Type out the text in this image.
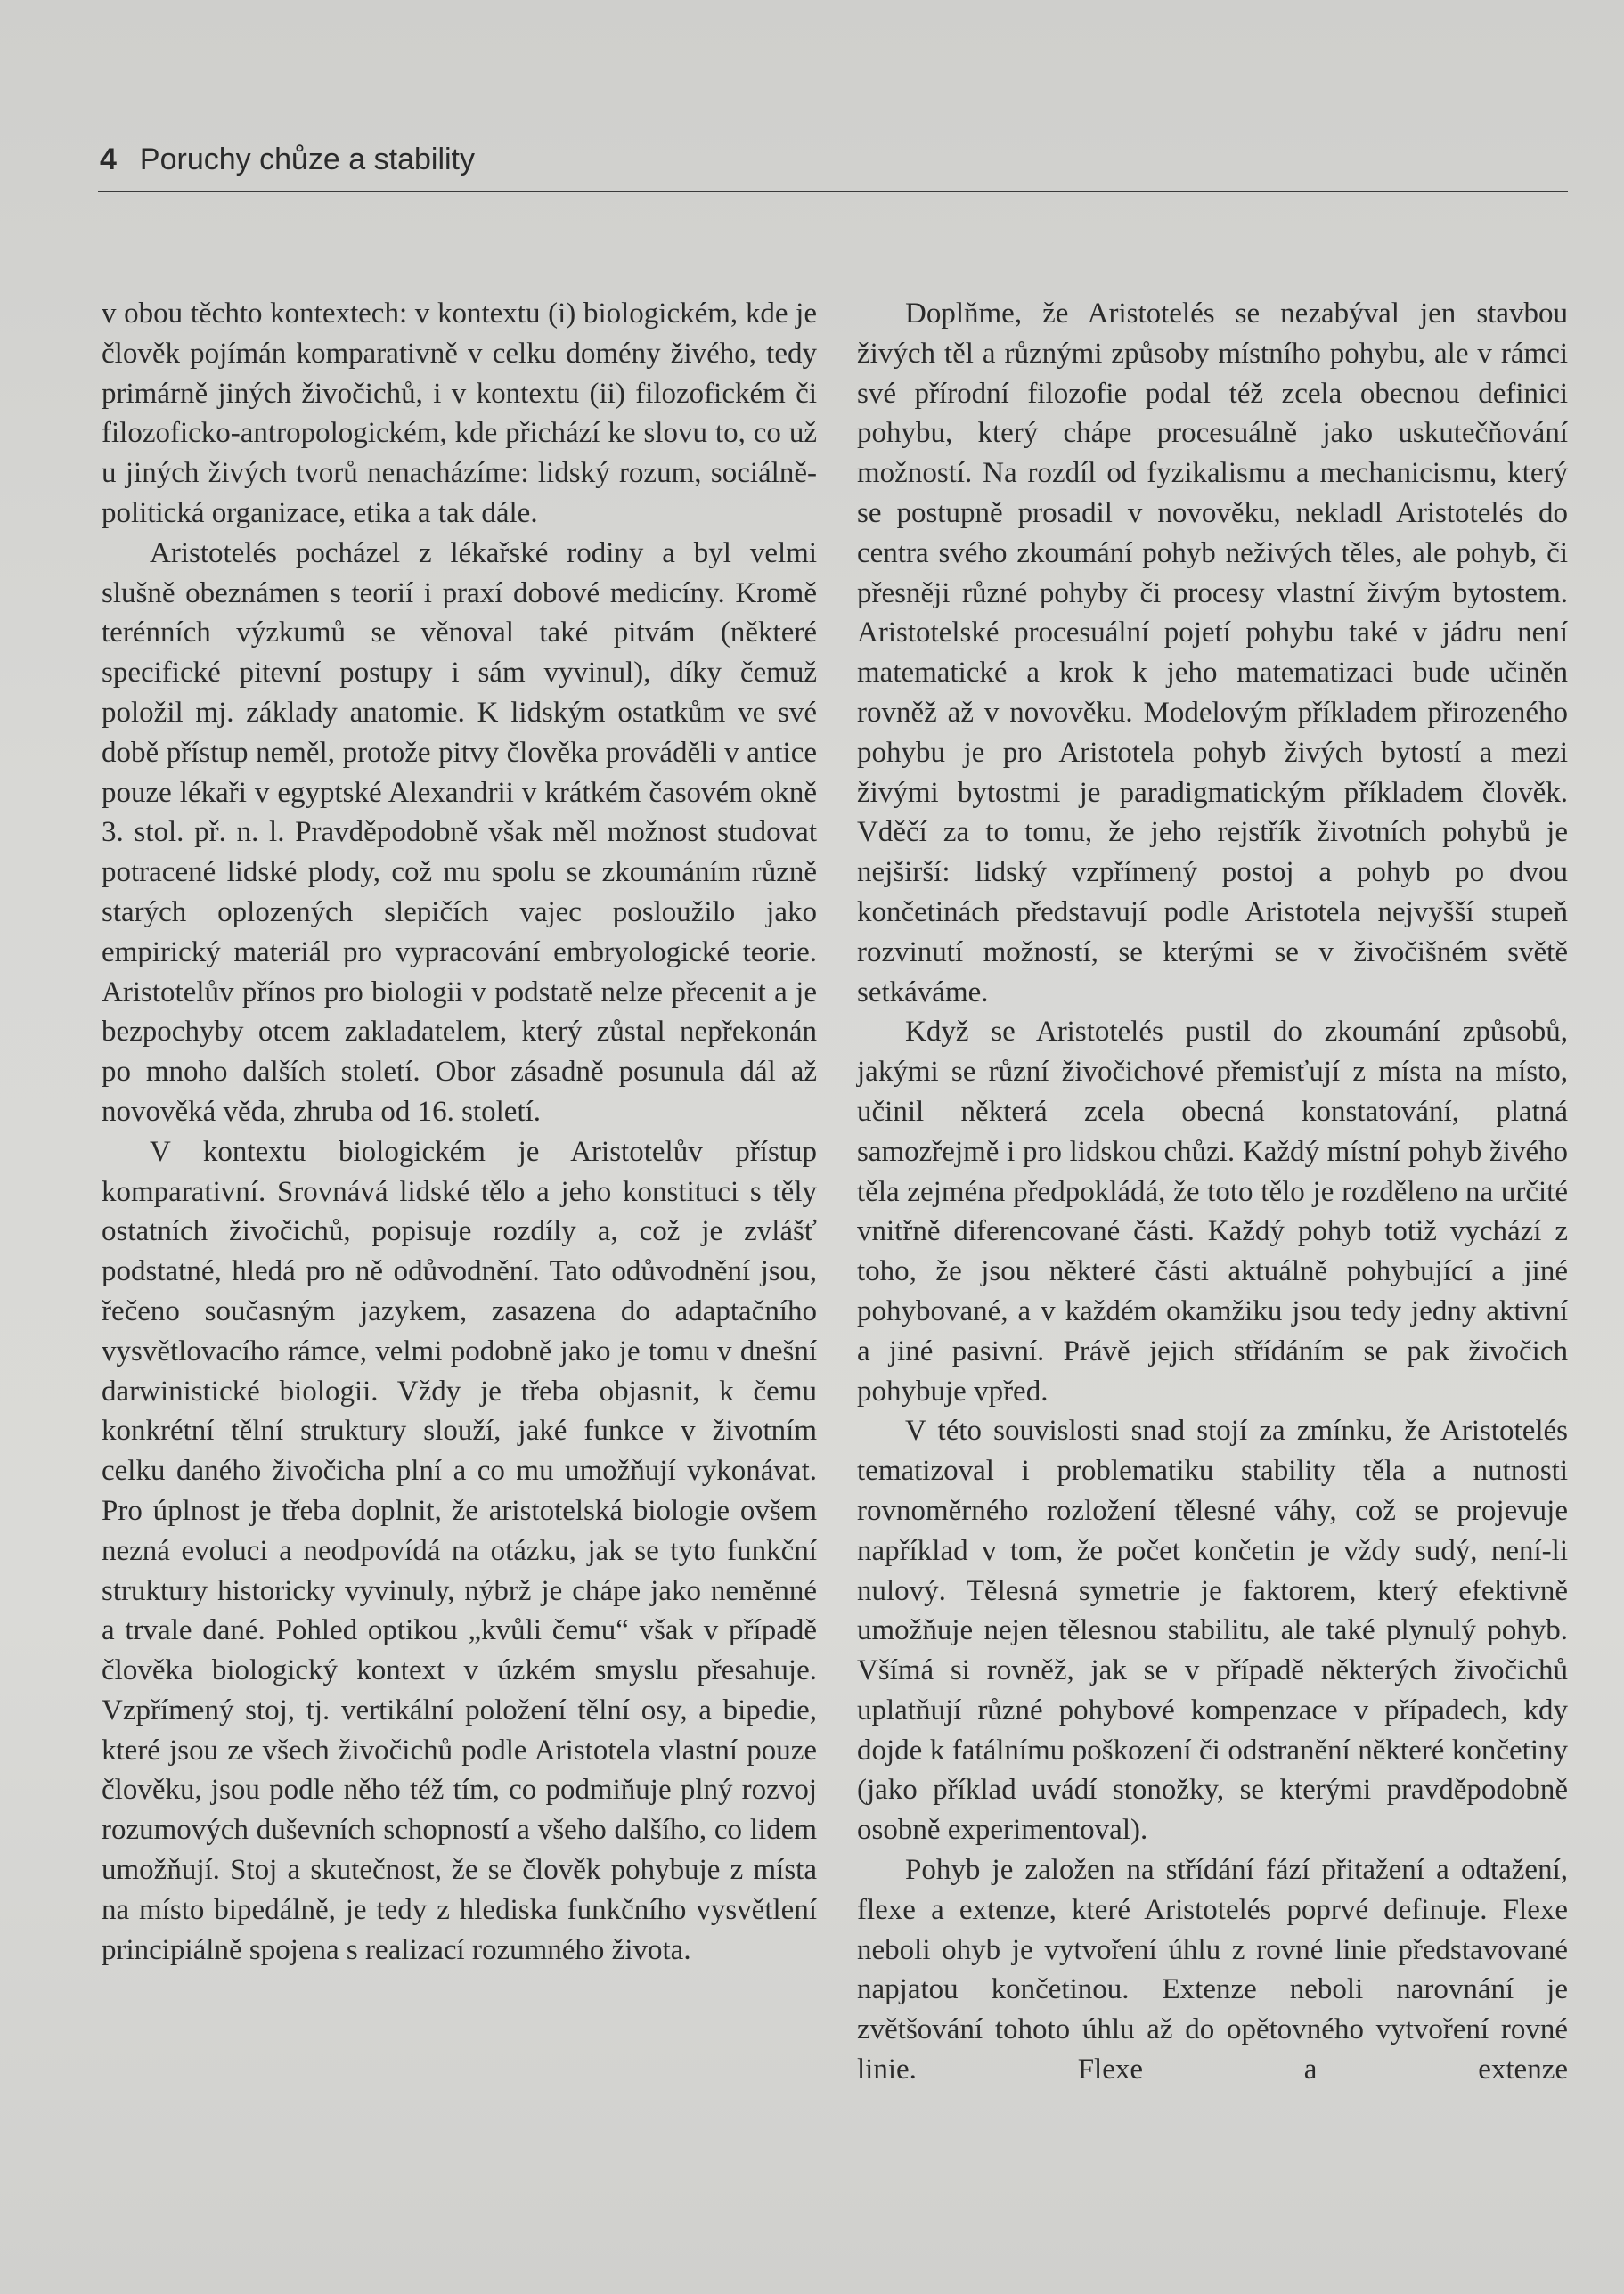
4 Poruchy chůze a stability

v obou těchto kontextech: v kontextu (i) biologickém, kde je člověk pojímán komparativně v celku domény živého, tedy primárně jiných živočichů, i v kontextu (ii) filozofickém či filozoficko-antropologickém, kde přichází ke slovu to, co už u jiných živých tvorů nenacházíme: lidský rozum, sociálně-politická organizace, etika a tak dále.

Aristotelés pocházel z lékařské rodiny a byl velmi slušně obeznámen s teorií i praxí dobové medicíny. Kromě terénních výzkumů se věnoval také pitvám (některé specifické pitevní postupy i sám vyvinul), díky čemuž položil mj. základy anatomie. K lidským ostatkům ve své době přístup neměl, protože pitvy člověka prováděli v antice pouze lékaři v egyptské Alexandrii v krátkém časovém okně 3. stol. př. n. l. Pravděpodobně však měl možnost studovat potracené lidské plody, což mu spolu se zkoumáním různě starých oplozených slepičích vajec posloužilo jako empirický materiál pro vypracování embryologické teorie. Aristotelův přínos pro biologii v podstatě nelze přecenit a je bezpochyby otcem zakladatelem, který zůstal nepřekonán po mnoho dalších století. Obor zásadně posunula dál až novověká věda, zhruba od 16. století.

V kontextu biologickém je Aristotelův přístup komparativní. Srovnává lidské tělo a jeho konstituci s těly ostatních živočichů, popisuje rozdíly a, což je zvlášť podstatné, hledá pro ně odůvodnění. Tato odůvodnění jsou, řečeno současným jazykem, zasazena do adaptačního vysvětlovacího rámce, velmi podobně jako je tomu v dnešní darwinistické biologii. Vždy je třeba objasnit, k čemu konkrétní tělní struktury slouží, jaké funkce v životním celku daného živočicha plní a co mu umožňují vykonávat. Pro úplnost je třeba doplnit, že aristotelská biologie ovšem nezná evoluci a neodpovídá na otázku, jak se tyto funkční struktury historicky vyvinuly, nýbrž je chápe jako neměnné a trvale dané. Pohled optikou „kvůli čemu“ však v případě člověka biologický kontext v úzkém smyslu přesahuje. Vzpřímený stoj, tj. vertikální položení tělní osy, a bipedie, které jsou ze všech živočichů podle Aristotela vlastní pouze člověku, jsou podle něho též tím, co podmiňuje plný rozvoj rozumových duševních schopností a všeho dalšího, co lidem umožňují. Stoj a skutečnost, že se člověk pohybuje z místa na místo bipedálně, je tedy z hlediska funkčního vysvětlení principiálně spojena s realizací rozumného života.

Doplňme, že Aristotelés se nezabýval jen stavbou živých těl a různými způsoby místního pohybu, ale v rámci své přírodní filozofie podal též zcela obecnou definici pohybu, který chápe procesuálně jako uskutečňování možností. Na rozdíl od fyzikalismu a mechanicismu, který se postupně prosadil v novověku, nekladl Aristotelés do centra svého zkoumání pohyb neživých těles, ale pohyb, či přesněji různé pohyby či procesy vlastní živým bytostem. Aristotelské procesuální pojetí pohybu také v jádru není matematické a krok k jeho matematizaci bude učiněn rovněž až v novověku. Modelovým příkladem přirozeného pohybu je pro Aristotela pohyb živých bytostí a mezi živými bytostmi je paradigmatickým příkladem člověk. Vděčí za to tomu, že jeho rejstřík životních pohybů je nejširší: lidský vzpřímený postoj a pohyb po dvou končetinách představují podle Aristotela nejvyšší stupeň rozvinutí možností, se kterými se v živočišném světě setkáváme.

Když se Aristotelés pustil do zkoumání způsobů, jakými se různí živočichové přemisťují z místa na místo, učinil některá zcela obecná konstatování, platná samozřejmě i pro lidskou chůzi. Každý místní pohyb živého těla zejména předpokládá, že toto tělo je rozděleno na určité vnitřně diferencované části. Každý pohyb totiž vychází z toho, že jsou některé části aktuálně pohybující a jiné pohybované, a v každém okamžiku jsou tedy jedny aktivní a jiné pasivní. Právě jejich střídáním se pak živočich pohybuje vpřed.

V této souvislosti snad stojí za zmínku, že Aristotelés tematizoval i problematiku stability těla a nutnosti rovnoměrného rozložení tělesné váhy, což se projevuje například v tom, že počet končetin je vždy sudý, není-li nulový. Tělesná symetrie je faktorem, který efektivně umožňuje nejen tělesnou stabilitu, ale také plynulý pohyb. Všímá si rovněž, jak se v případě některých živočichů uplatňují různé pohybové kompenzace v případech, kdy dojde k fatálnímu poškození či odstranění některé končetiny (jako příklad uvádí stonožky, se kterými pravděpodobně osobně experimentoval).

Pohyb je založen na střídání fází přitažení a odtažení, flexe a extenze, které Aristotelés poprvé definuje. Flexe neboli ohyb je vytvoření úhlu z rovné linie představované napjatou končetinou. Extenze neboli narovnání je zvětšování tohoto úhlu až do opětovného vytvoření rovné linie. Flexe a extenze
